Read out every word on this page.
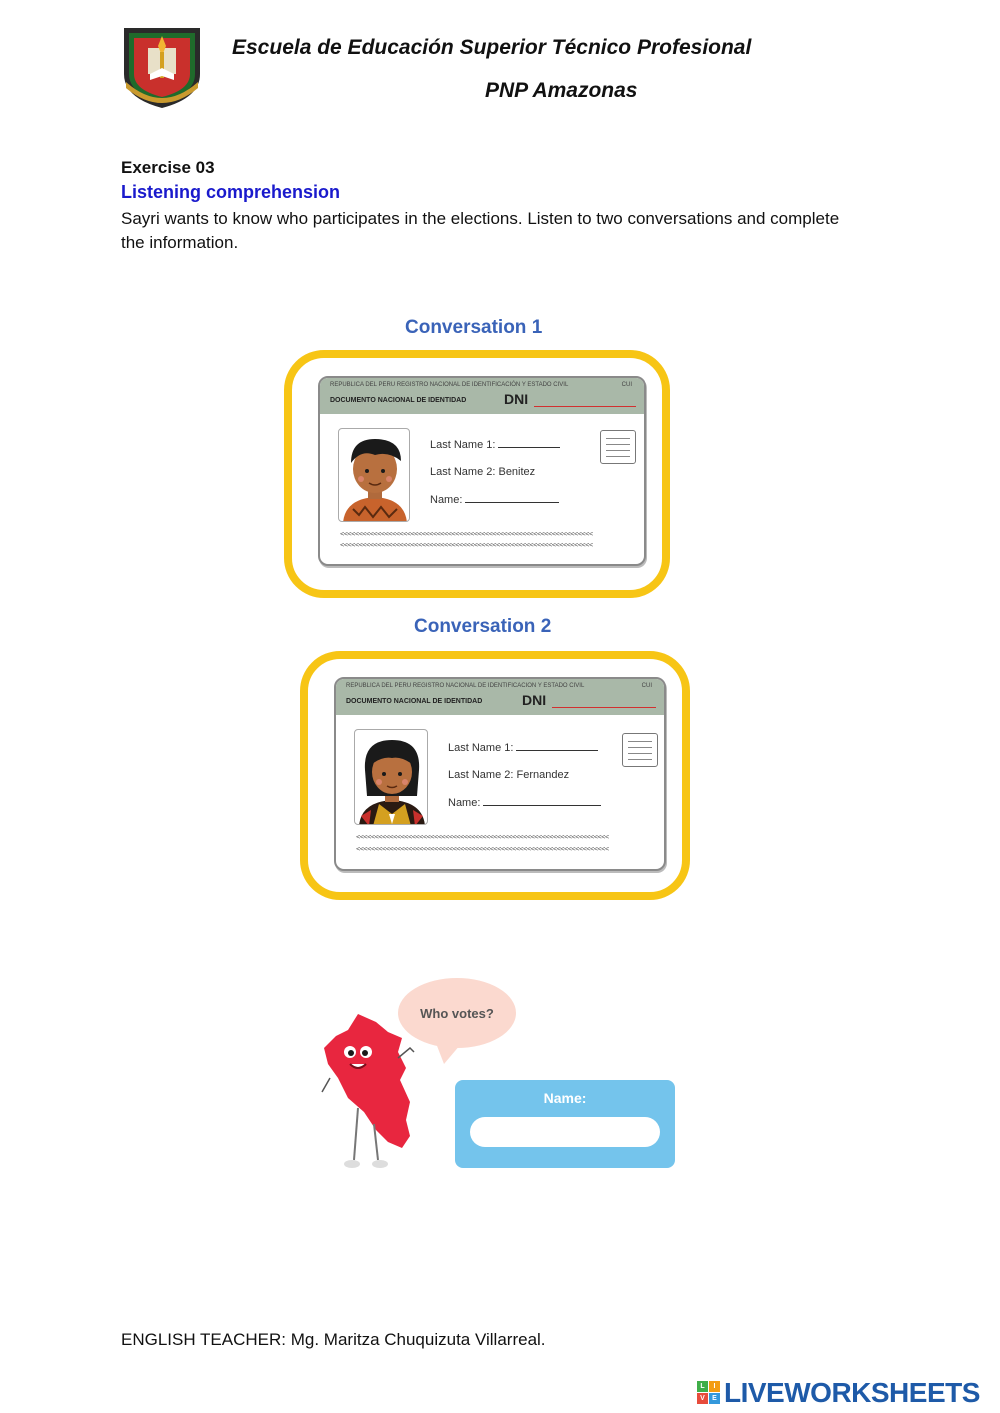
Escuela de Educación Superior Técnico Profesional
PNP Amazonas
Exercise 03
Listening comprehension
Sayri wants to know who participates in the elections. Listen to two conversations and complete the information.
Conversation 1
REPUBLICA DEL PERU REGISTRO NACIONAL DE IDENTIFICACIÓN Y ESTADO CIVIL	CUI
DOCUMENTO NACIONAL DE IDENTIDAD	DNI
Last Name 1:
Last Name 2: Benitez
Name:
<<<<<<<<<<<<<<<<<<<<<<<<<<<<<<<<<<<<<<<<<<<<<<<<<<<<<<<<<<<<<<<<<<<<
<<<<<<<<<<<<<<<<<<<<<<<<<<<<<<<<<<<<<<<<<<<<<<<<<<<<<<<<<<<<<<<<<<<<
Conversation 2
REPUBLICA DEL PERU REGISTRO NACIONAL DE IDENTIFICACION Y ESTADO CIVIL	CUI
DOCUMENTO NACIONAL DE IDENTIDAD	DNI
Last Name 1:
Last Name 2: Fernandez
Name:
<<<<<<<<<<<<<<<<<<<<<<<<<<<<<<<<<<<<<<<<<<<<<<<<<<<<<<<<<<<<<<<<<<<<
<<<<<<<<<<<<<<<<<<<<<<<<<<<<<<<<<<<<<<<<<<<<<<<<<<<<<<<<<<<<<<<<<<<<
Who votes?
Name:
ENGLISH TEACHER: Mg. Maritza Chuquizuta Villarreal.
L	I
V	E LIVEWORKSHEETS
